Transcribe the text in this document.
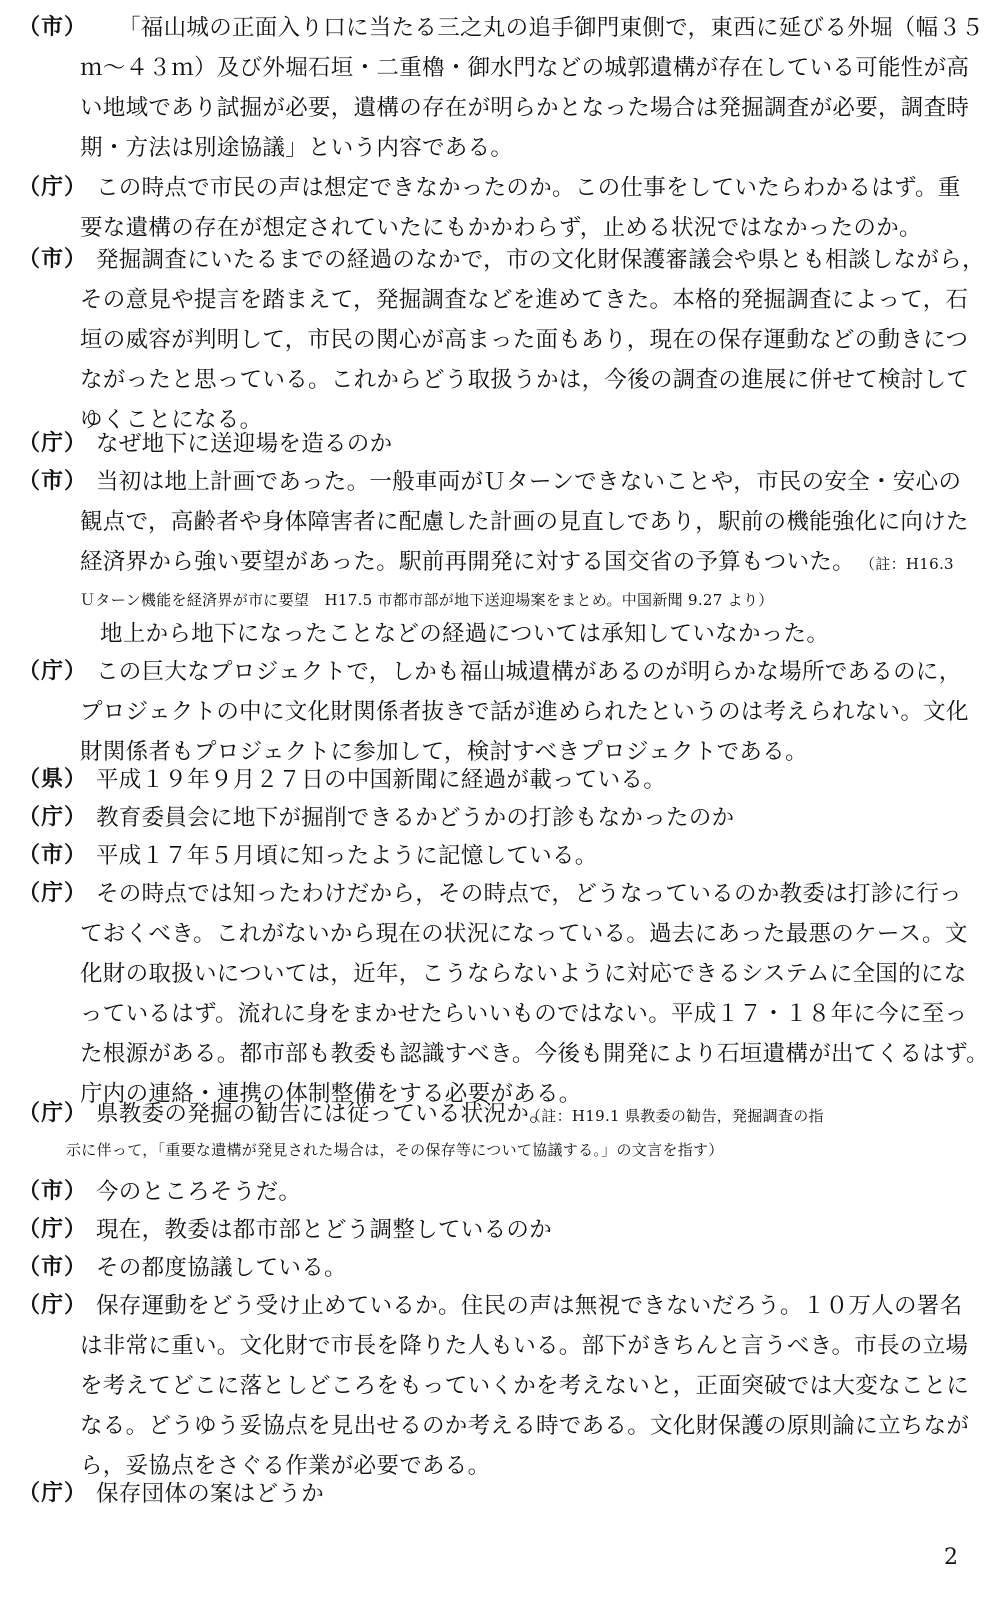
（市） 「福山城の正面入り口に当たる三之丸の追手御門東側で，東西に延びる外堀（幅３５
ｍ～４３ｍ）及び外堀石垣・二重櫓・御水門などの城郭遺構が存在している可能性が高
い地域であり試掘が必要，遺構の存在が明らかとなった場合は発掘調査が必要，調査時
期・方法は別途協議」という内容である。
（庁） この時点で市民の声は想定できなかったのか。この仕事をしていたらわかるはず。重
要な遺構の存在が想定されていたにもかかわらず，止める状況ではなかったのか。
（市） 発掘調査にいたるまでの経過のなかで，市の文化財保護審議会や県とも相談しながら，
その意見や提言を踏まえて，発掘調査などを進めてきた。本格的発掘調査によって，石
垣の威容が判明して，市民の関心が高まった面もあり，現在の保存運動などの動きにつ
ながったと思っている。これからどう取扱うかは，今後の調査の進展に併せて検討して
ゆくことになる。
（庁） なぜ地下に送迎場を造るのか
（市） 当初は地上計画であった。一般車両がＵターンできないことや，市民の安全・安心の
観点で，高齢者や身体障害者に配慮した計画の見直しであり，駅前の機能強化に向けた
経済界から強い要望があった。駅前再開発に対する国交省の予算もついた。 （註：H16.3
Ｕターン機能を経済界が市に要望　H17.5 市都市部が地下送迎場案をまとめ。中国新聞 9.27 より）
地上から地下になったことなどの経過については承知していなかった。
（庁） この巨大なプロジェクトで，しかも福山城遺構があるのが明らかな場所であるのに，
プロジェクトの中に文化財関係者抜きで話が進められたというのは考えられない。文化
財関係者もプロジェクトに参加して，検討すべきプロジェクトである。
（県） 平成１９年９月２７日の中国新聞に経過が載っている。
（庁） 教育委員会に地下が掘削できるかどうかの打診もなかったのか
（市） 平成１７年５月頃に知ったように記憶している。
（庁） その時点では知ったわけだから，その時点で，どうなっているのか教委は打診に行っ
ておくべき。これがないから現在の状況になっている。過去にあった最悪のケース。文
化財の取扱いについては，近年，こうならないように対応できるシステムに全国的にな
っているはず。流れに身をまかせたらいいものではない。平成１７・１８年に今に至っ
た根源がある。都市部も教委も認識すべき。今後も開発により石垣遺構が出てくるはず。
庁内の連絡・連携の体制整備をする必要がある。
（庁） 県教委の発掘の勧告には従っている状況か。
（註：H19.1 県教委の勧告，発掘調査の指
示に伴って，「重要な遺構が発見された場合は，その保存等について協議する。」の文言を指す）
（市） 今のところそうだ。
（庁） 現在，教委は都市部とどう調整しているのか
（市） その都度協議している。
（庁） 保存運動をどう受け止めているか。住民の声は無視できないだろう。１０万人の署名
は非常に重い。文化財で市長を降りた人もいる。部下がきちんと言うべき。市長の立場
を考えてどこに落としどころをもっていくかを考えないと，正面突破では大変なことに
なる。どうゆう妥協点を見出せるのか考える時である。文化財保護の原則論に立ちなが
ら，妥協点をさぐる作業が必要である。
（庁） 保存団体の案はどうか
2
